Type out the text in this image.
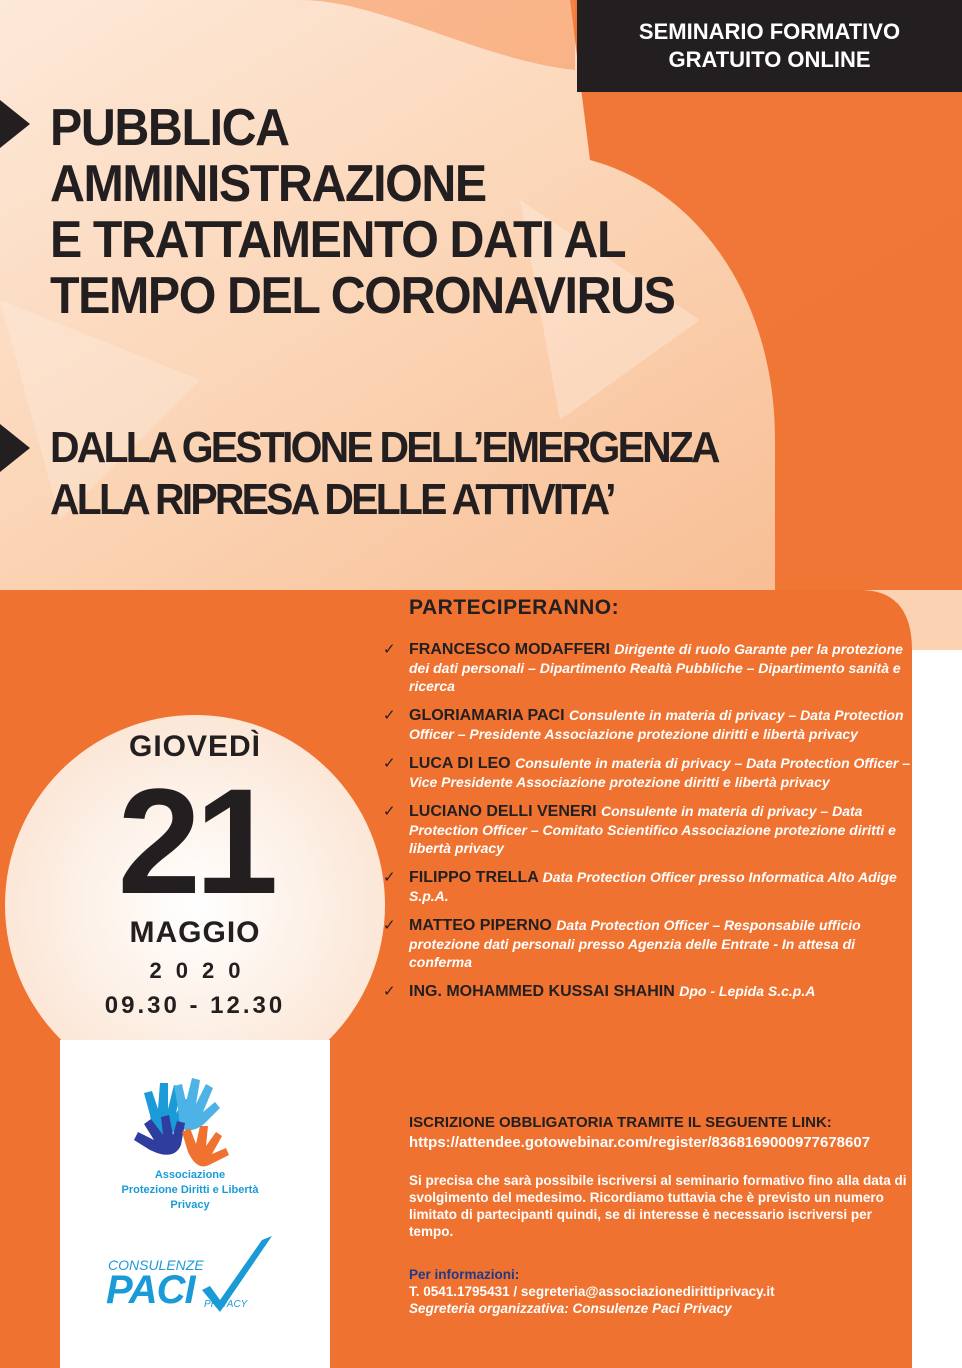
SEMINARIO FORMATIVO
GRATUITO ONLINE
PUBBLICA
AMMINISTRAZIONE
E TRATTAMENTO DATI AL
TEMPO DEL CORONAVIRUS
DALLA GESTIONE DELL’EMERGENZA
ALLA RIPRESA DELLE ATTIVITA’
GIOVEDÌ
21
MAGGIO
2020
09.30 - 12.30
Associazione
Protezione Diritti e Libertà
Privacy
CONSULENZE
PACI PRIVACY
PARTECIPERANNO:
✓ FRANCESCO MODAFFERI Dirigente di ruolo Garante per la protezione dei dati personali – Dipartimento Realtà Pubbliche – Dipartimento sanità e ricerca
✓ GLORIAMARIA PACI Consulente in materia di privacy – Data Protection Officer – Presidente Associazione protezione diritti e libertà privacy
✓ LUCA DI LEO Consulente in materia di privacy – Data Protection Officer – Vice Presidente Associazione protezione diritti e libertà privacy
✓ LUCIANO DELLI VENERI Consulente in materia di privacy – Data Protection Officer – Comitato Scientifico Associazione protezione diritti e libertà privacy
✓ FILIPPO TRELLA Data Protection Officer presso Informatica Alto Adige S.p.A.
✓ MATTEO PIPERNO Data Protection Officer – Responsabile ufficio protezione dati personali presso Agenzia delle Entrate - In attesa di conferma
✓ ING. MOHAMMED KUSSAI SHAHIN Dpo - Lepida S.c.p.A
ISCRIZIONE OBBLIGATORIA TRAMITE IL SEGUENTE LINK:
https://attendee.gotowebinar.com/register/8368169000977678607
Si precisa che sarà possibile iscriversi al seminario formativo fino alla data di svolgimento del medesimo. Ricordiamo tuttavia che è previsto un numero limitato di partecipanti quindi, se di interesse è necessario iscriversi per tempo.
Per informazioni:
T. 0541.1795431 / segreteria@associazionedirittiprivacy.it
Segreteria organizzativa: Consulenze Paci Privacy
